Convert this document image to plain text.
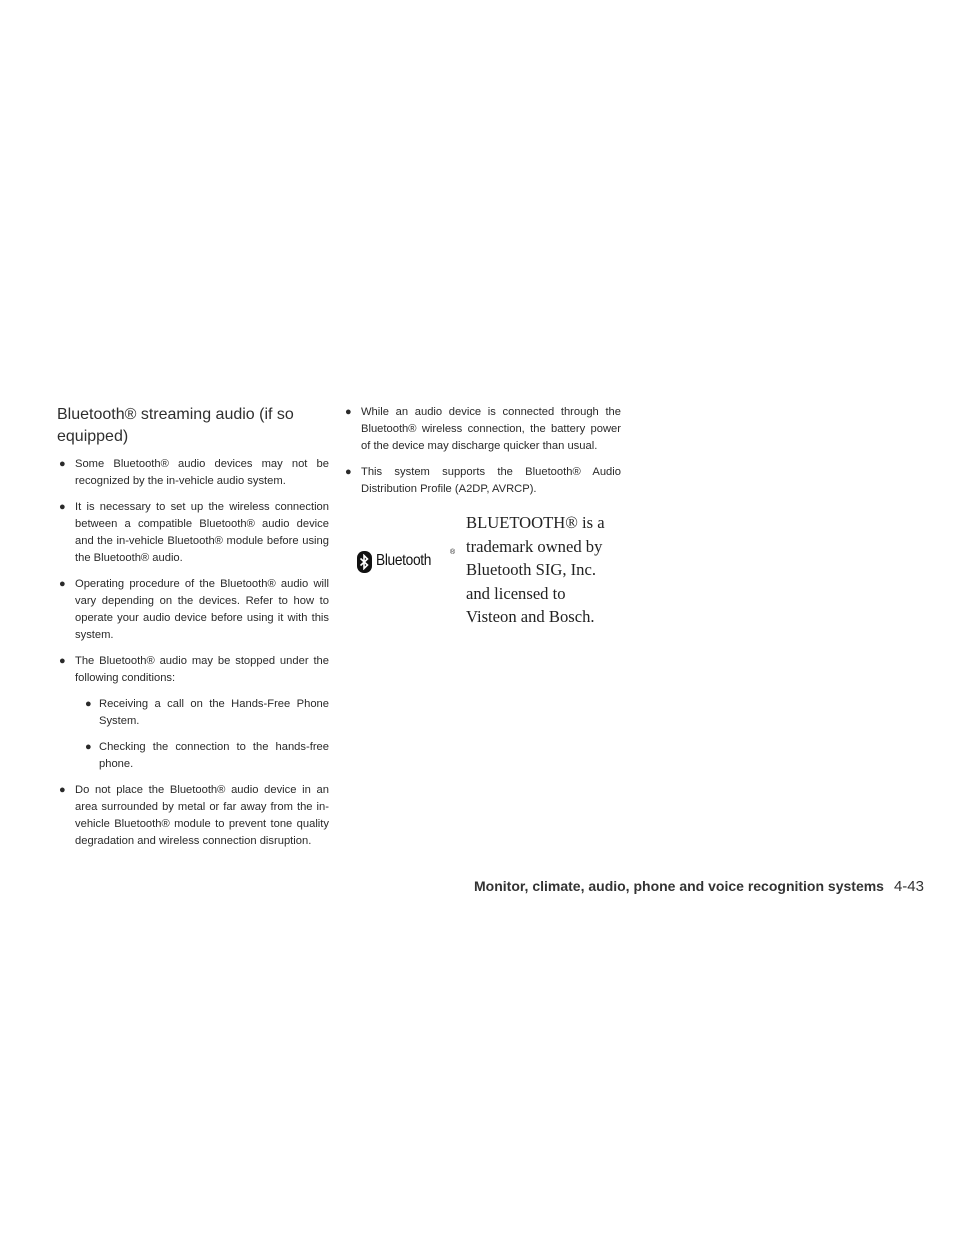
Bluetooth® streaming audio (if so equipped)
● Some Bluetooth® audio devices may not be recognized by the in-vehicle audio system.
● It is necessary to set up the wireless connection between a compatible Bluetooth® audio device and the in-vehicle Bluetooth® module before using the Bluetooth® audio.
● Operating procedure of the Bluetooth® audio will vary depending on the devices. Refer to how to operate your audio device before using it with this system.
● The Bluetooth® audio may be stopped under the following conditions:
● Receiving a call on the Hands-Free Phone System.
● Checking the connection to the hands-free phone.
● Do not place the Bluetooth® audio device in an area surrounded by metal or far away from the in-vehicle Bluetooth® module to prevent tone quality degradation and wireless connection disruption.
● While an audio device is connected through the Bluetooth® wireless connection, the battery power of the device may discharge quicker than usual.
● This system supports the Bluetooth® Audio Distribution Profile (A2DP, AVRCP).
Bluetooth	®
BLUETOOTH® is a
trademark owned by
Bluetooth SIG, Inc.
and licensed to
Visteon and Bosch.
Monitor, climate, audio, phone and voice recognition systems 4-43
